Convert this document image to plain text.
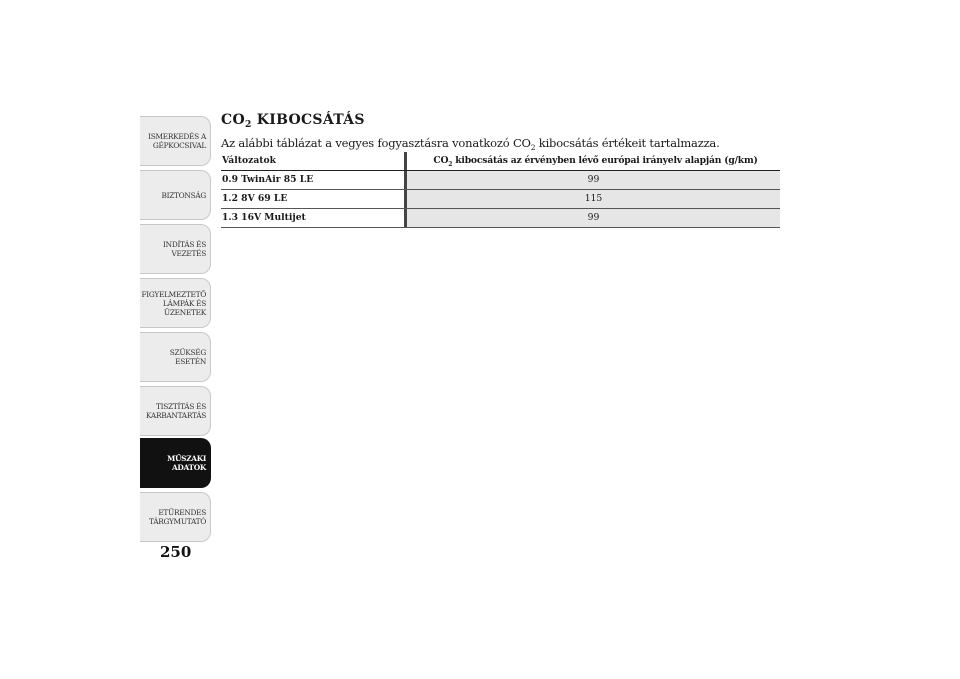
ISMERKEDÉS A
GÉPKOCSIVAL
BIZTONSÁG
INDÍTÁS ÉS
VEZETÉS
FIGYELMEZTETŐ
LÁMPÁK ÉS
ÜZENETEK
SZÜKSÉG ESETÉN
TISZTÍTÁS ÉS
KARBANTARTÁS
MŰSZAKI ADATOK
ETŰRENDES
TÁRGYMUTATÓ
250
$CO_2$ KIBOCSÁTÁS
Az alábbi táblázat a vegyes fogyasztásra vonatkozó $CO_2$ kibocsátás értékeit tartalmazza.
Változatok	$CO_2$ kibocsátás az érvényben lévő európai irányelv alapján (g/km)
0.9 TwinAir 85 LE	99
1.2 8V 69 LE	115
1.3 16V Multijet	99
